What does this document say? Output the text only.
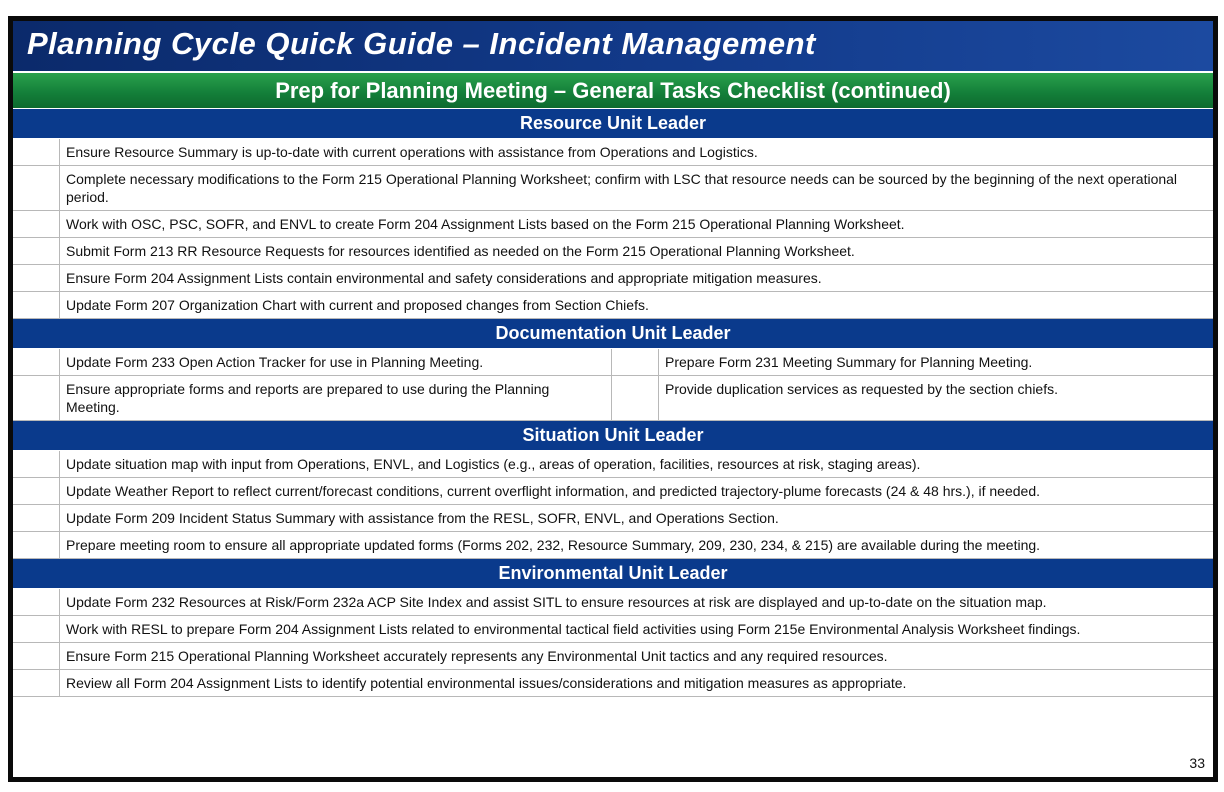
Planning Cycle Quick Guide – Incident Management
Prep for Planning Meeting – General Tasks Checklist (continued)
Resource Unit Leader
Ensure Resource Summary is up-to-date with current operations with assistance from Operations and Logistics.
Complete necessary modifications to the Form 215 Operational Planning Worksheet; confirm with LSC that resource needs can be sourced by the beginning of the next operational period.
Work with OSC, PSC, SOFR, and ENVL to create Form 204 Assignment Lists based on the Form 215 Operational Planning Worksheet.
Submit Form 213 RR Resource Requests for resources identified as needed on the Form 215 Operational Planning Worksheet.
Ensure Form 204 Assignment Lists contain environmental and safety considerations and appropriate mitigation measures.
Update Form 207 Organization Chart with current and proposed changes from Section Chiefs.
Documentation Unit Leader
Update Form 233 Open Action Tracker for use in Planning Meeting.	Prepare Form 231 Meeting Summary for Planning Meeting.
Ensure appropriate forms and reports are prepared to use during the Planning Meeting.
Provide duplication services as requested by the section chiefs.
Situation Unit Leader
Update situation map with input from Operations, ENVL, and Logistics (e.g., areas of operation, facilities, resources at risk, staging areas).
Update Weather Report to reflect current/forecast conditions, current overflight information, and predicted trajectory-plume forecasts (24 & 48 hrs.), if needed.
Update Form 209 Incident Status Summary with assistance from the RESL, SOFR, ENVL, and Operations Section.
Prepare meeting room to ensure all appropriate updated forms (Forms 202, 232, Resource Summary, 209, 230, 234, & 215) are available during the meeting.
Environmental Unit Leader
Update Form 232 Resources at Risk/Form 232a ACP Site Index and assist SITL to ensure resources at risk are displayed and up-to-date on the situation map.
Work with RESL to prepare Form 204 Assignment Lists related to environmental tactical field activities using Form 215e Environmental Analysis Worksheet findings.
Ensure Form 215 Operational Planning Worksheet accurately represents any Environmental Unit tactics and any required resources.
Review all Form 204 Assignment Lists to identify potential environmental issues/considerations and mitigation measures as appropriate.
33
